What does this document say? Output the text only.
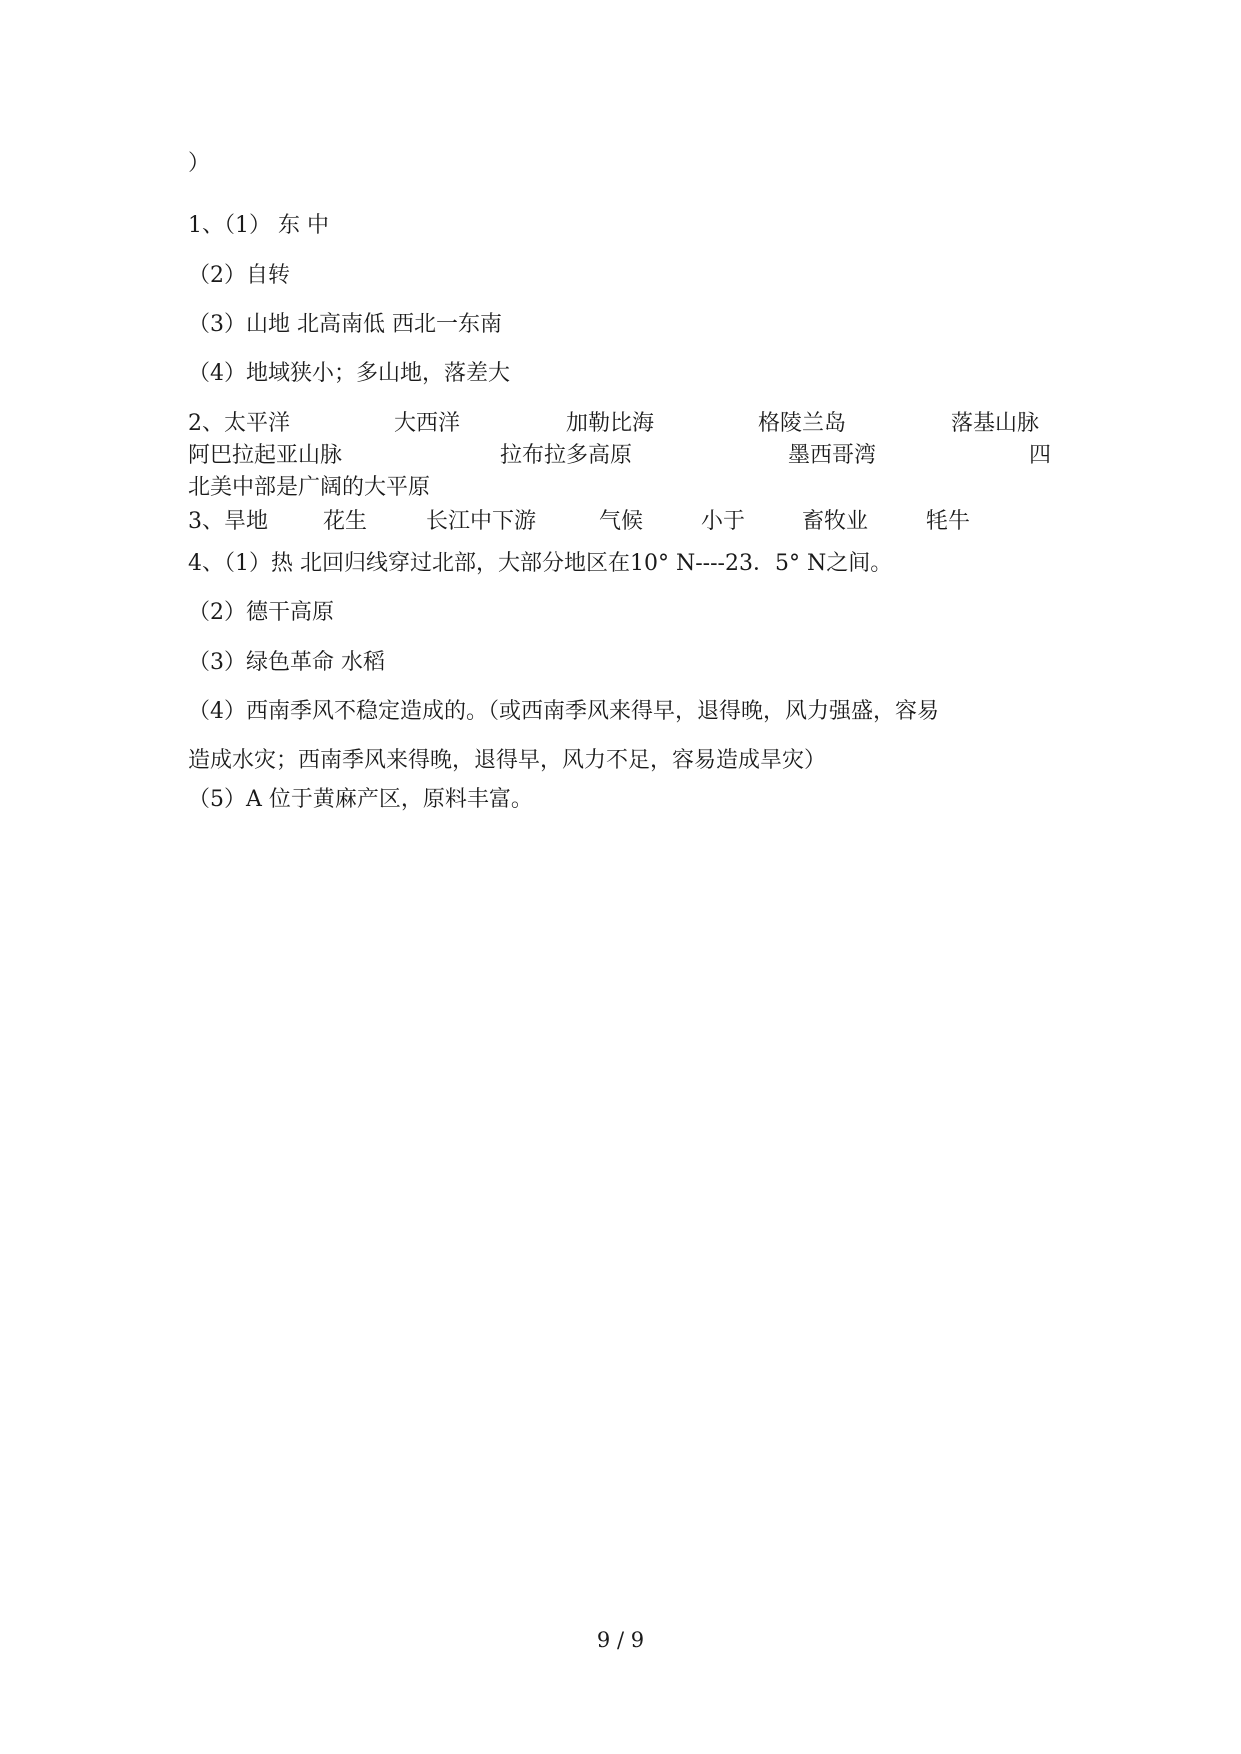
）
1、（1） 东 中
（2）自转
（3）山地 北高南低 西北一东南
（4）地域狭小；多山地，落差大
2、太平洋	大西洋	加勒比海	格陵兰岛	落基山脉
阿巴拉起亚山脉	拉布拉多高原	墨西哥湾	四
北美中部是广阔的大平原
3、旱地	花生	长江中下游	气候	小于	畜牧业	牦牛
4、（1）热 北回归线穿过北部，大部分地区在10° N----23．5° N之间。
（2）德干高原
（3）绿色革命 水稻
（4）西南季风不稳定造成的。（或西南季风来得早，退得晚，风力强盛，容易
造成水灾；西南季风来得晚，退得早，风力不足，容易造成旱灾）
（5）A 位于黄麻产区，原料丰富。
9 / 9
